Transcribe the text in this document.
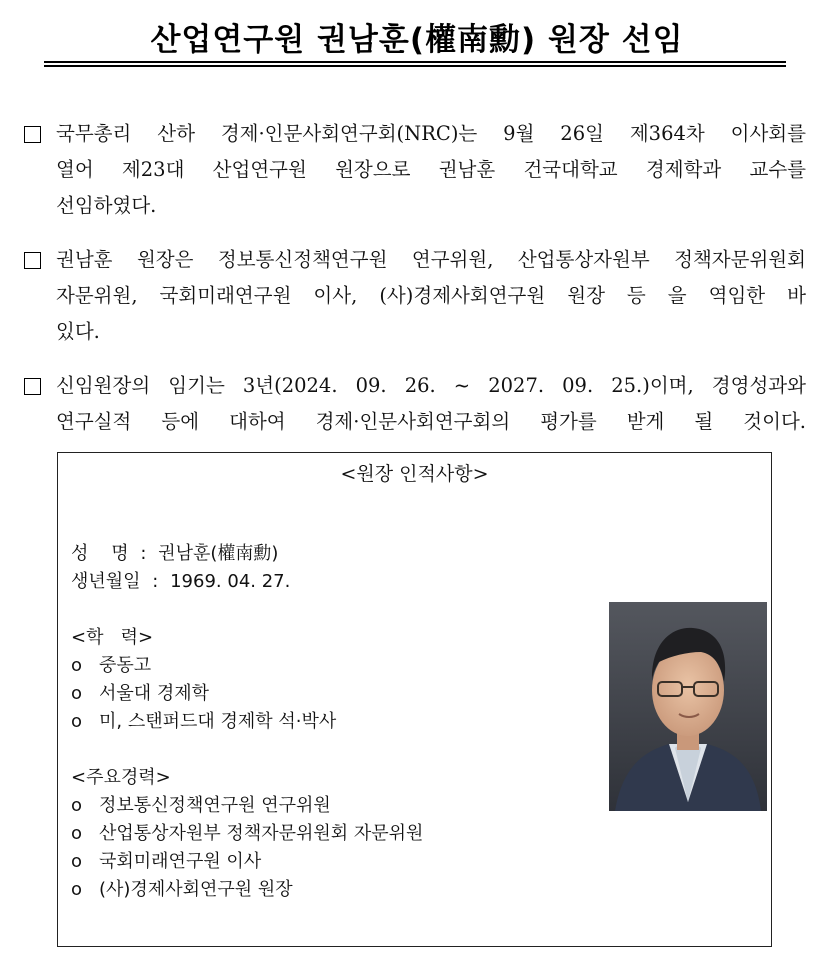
산업연구원 권남훈(權南勳) 원장 선임
국무총리 산하 경제·인문사회연구회(NRC)는 9월 26일 제364차 이사회를
열어 제23대 산업연구원 원장으로 권남훈 건국대학교 경제학과 교수를
선임하였다.
권남훈 원장은 정보통신정책연구원 연구위원, 산업통상자원부 정책자문위원회
자문위원, 국회미래연구원 이사, (사)경제사회연구원 원장 등 을 역임한 바
있다.
신임원장의 임기는 3년(2024. 09. 26. ~ 2027. 09. 25.)이며, 경영성과와
연구실적 등에 대하여 경제·인문사회연구회의 평가를 받게 될 것이다.
<원장 인적사항>
성    명 : 권남훈(權南勳)
생년월일 : 1969. 04. 27.
<학   력>
ο 중동고
ο 서울대 경제학
ο 미, 스탠퍼드대 경제학 석·박사
<주요경력>
ο 정보통신정책연구원 연구위원
ο 산업통상자원부 정책자문위원회 자문위원
ο 국회미래연구원 이사
ο (사)경제사회연구원 원장
